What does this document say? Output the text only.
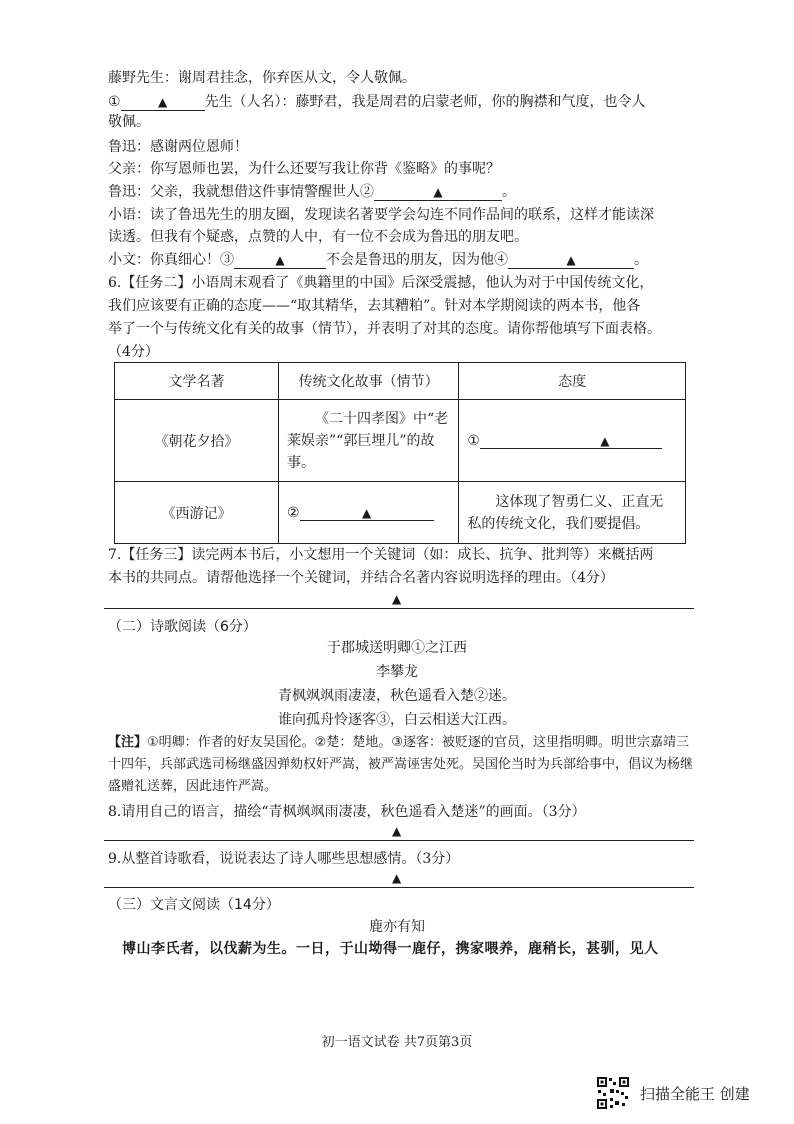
藤野先生：谢周君挂念，你弃医从文，令人敬佩。
①	▲	先生（人名）：藤野君，我是周君的启蒙老师，你的胸襟和气度，也令人
敬佩。
鲁迅：感谢两位恩师！
父亲：你写恩师也罢，为什么还要写我让你背《鉴略》的事呢？
鲁迅：父亲，我就想借这件事情警醒世人②	▲	。
小语：读了鲁迅先生的朋友圈，发现读名著要学会勾连不同作品间的联系，这样才能读深
读透。但我有个疑惑，点赞的人中，有一位不会成为鲁迅的朋友吧。
小文：你真细心！③	▲	不会是鲁迅的朋友，因为他④	▲	。
6.【任务二】小语周末观看了《典籍里的中国》后深受震撼，他认为对于中国传统文化，
我们应该要有正确的态度——“取其精华，去其糟粕”。针对本学期阅读的两本书，他各
举了一个与传统文化有关的故事（情节），并表明了对其的态度。请你帮他填写下面表格。
（4分）
文学名著	传统文化故事（情节）	态度
《朝花夕拾》	《二十四孝图》中“老莱娱亲”“郭巨埋儿”的故事。	① ▲
《西游记》	② ▲	这体现了智勇仁义、正直无私的传统文化，我们要提倡。
7.【任务三】读完两本书后，小文想用一个关键词（如：成长、抗争、批判等）来概括两
本书的共同点。请帮他选择一个关键词，并结合名著内容说明选择的理由。（4分）
▲
（二）诗歌阅读（6分）
于郡城送明卿①之江西
李攀龙
青枫飒飒雨凄凄，秋色遥看入楚②迷。
谁向孤舟怜逐客③，白云相送大江西。
【注】①明卿：作者的好友吴国伦。②楚：楚地。③逐客：被贬逐的官员，这里指明卿。明世宗嘉靖三十四年，兵部武选司杨继盛因弹劾权奸严嵩，被严嵩诬害处死。吴国伦当时为兵部给事中，倡议为杨继盛赠礼送葬，因此违忤严嵩。
8.请用自己的语言，描绘“青枫飒飒雨凄凄，秋色遥看入楚迷”的画面。（3分）
▲
9.从整首诗歌看，说说表达了诗人哪些思想感情。（3分）
▲
（三）文言文阅读（14分）
鹿亦有知
博山李氏者，以伐薪为生。一日，于山坳得一鹿仔，携家喂养，鹿稍长，甚驯，见人
初一语文试卷 共7页第3页
扫描全能王 创建
